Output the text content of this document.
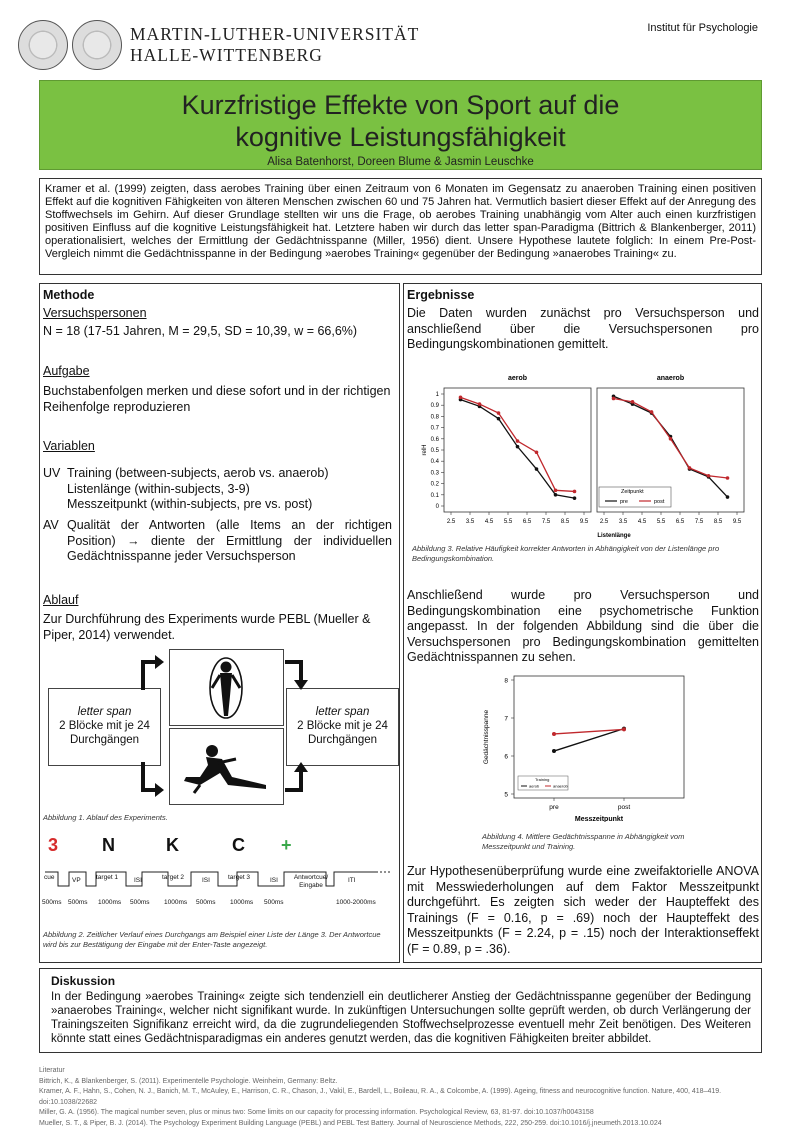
MARTIN-LUTHER-UNIVERSITÄT
HALLE-WITTENBERG
Institut für Psychologie
Kurzfristige Effekte von Sport auf die
kognitive Leistungsfähigkeit
Alisa Batenhorst, Doreen Blume & Jasmin Leuschke
Kramer et al. (1999) zeigten, dass aerobes Training über einen Zeitraum von 6 Monaten im Gegensatz zu anaeroben Training einen positiven Effekt auf die kognitiven Fähigkeiten von älteren Menschen zwischen 60 und 75 Jahren hat. Vermutlich basiert dieser Effekt auf der Anregung des Stoffwechsels im Gehirn. Auf dieser Grundlage stellten wir uns die Frage, ob aerobes Training unabhängig vom Alter auch einen kurzfristigen positiven Einfluss auf die kognitive Leistungsfähigkeit hat. Letztere haben wir durch das letter span-Paradigma (Bittrich & Blankenberger, 2011) operationalisiert, welches der Ermittlung der Gedächtnisspanne (Miller, 1956) dient. Unsere Hypothese lautete folglich: In einem Pre-Post-Vergleich nimmt die Gedächtnisspanne in der Bedingung »aerobes Training« gegenüber der Bedingung »anaerobes Training« zu.
Methode
Versuchspersonen
N = 18 (17-51 Jahren, M = 29,5, SD = 10,39, w = 66,6%)
Aufgabe
Buchstabenfolgen merken und diese sofort und in der richtigen Reihenfolge reproduzieren
Variablen
UV Training (between-subjects, aerob vs. anaerob)
Listenlänge (within-subjects, 3-9)
Messzeitpunkt (within-subjects, pre vs. post)
AV Qualität der Antworten (alle Items an der richtigen Position) → diente der Ermittlung der individuellen Gedächtnisspanne jeder Versuchsperson
Ablauf
Zur Durchführung des Experiments wurde PEBL (Mueller & Piper, 2014) verwendet.
letter span
2 Blöcke mit je 24
Durchgängen
letter span
2 Blöcke mit je 24
Durchgängen
Abbildung 1. Ablauf des Experiments.
3 N	K	C +
cue
500ms
VP
500ms
target 1
1000ms
ISI
500ms
target 2
1000ms
ISI
500ms
target 3
1000ms
ISI
500ms
Antwortcue/ Eingabe
ITI
1000-2000ms
Abbildung 2. Zeitlicher Verlauf eines Durchgangs am Beispiel einer Liste der Länge 3. Der Antwortcue wird bis zur Bestätigung der Eingabe mit der Enter-Taste angezeigt.
Ergebnisse
Die Daten wurden zunächst pro Versuchsperson und anschließend über die Versuchspersonen pro Bedingungskombinationen gemittelt.
aerob
2.5 3.5 4.5 5.5 6.5 7.5 8.5 9.5
anaerob
2.5 3.5 4.5 5.5 6.5 7.5 8.5 9.5
0
0.1
0.2
0.3
0.4
0.5
0.6
0.7
0.8
0.9
1
relH
Listenlänge
Zeitpunkt
pre	post
Abbildung 3. Relative Häufigkeit korrekter Antworten in Abhängigkeit von der Listenlänge pro Bedingungskombination.
Anschließend wurde pro Versuchsperson und Bedingungskombination eine psychometrische Funktion angepasst. In der folgenden Abbildung sind die über die Versuchspersonen pro Bedingungskombination gemittelten Gedächtnisspannen zu sehen.
5
6
7
8
pre	post
Gedächtnisspanne
Messzeitpunkt
Training
aerob	anaerob
Abbildung 4. Mittlere Gedächtnisspanne in Abhängigkeit vom Messzeitpunkt und Training.
Zur Hypothesenüberprüfung wurde eine zweifaktorielle ANOVA mit Messwiederholungen auf dem Faktor Messzeitpunkt durchgeführt. Es zeigten sich weder der Haupteffekt des Trainings (F = 0.16, p = .69) noch der Haupteffekt des Messzeitpunkts (F = 2.24, p = .15) noch der Interaktionseffekt (F = 0.89, p = .36).
Diskussion
In der Bedingung »aerobes Training« zeigte sich tendenziell ein deutlicherer Anstieg der Gedächtnisspanne gegenüber der Bedingung »anaerobes Training«, welcher nicht signifikant wurde. In zukünftigen Untersuchungen sollte geprüft werden, ob durch Verlängerung der Trainingszeiten Signifikanz erreicht wird, da die zugrundeliegenden Stoffwechselprozesse eventuell mehr Zeit benötigen. Des Weiteren könnte statt eines Gedächtnisparadigmas ein anderes genutzt werden, das die kognitiven Fähigkeiten breiter abbildet.
Literatur
Bittrich, K., & Blankenberger, S. (2011). Experimentelle Psychologie. Weinheim, Germany: Beltz.
Kramer, A. F., Hahn, S., Cohen, N. J., Banich, M. T., McAuley, E., Harrison, C. R., Chason, J., Vakil, E., Bardell, L., Boileau, R. A., & Colcombe, A. (1999). Ageing, fitness and neurocognitive function. Nature, 400, 418–419. doi:10.1038/22682
Miller, G. A. (1956). The magical number seven, plus or minus two: Some limits on our capacity for processing information. Psychological Review, 63, 81-97. doi:10.1037/h0043158
Mueller, S. T., & Piper, B. J. (2014). The Psychology Experiment Building Language (PEBL) and PEBL Test Battery. Journal of Neuroscience Methods, 222, 250-259. doi:10.1016/j.jneumeth.2013.10.024
